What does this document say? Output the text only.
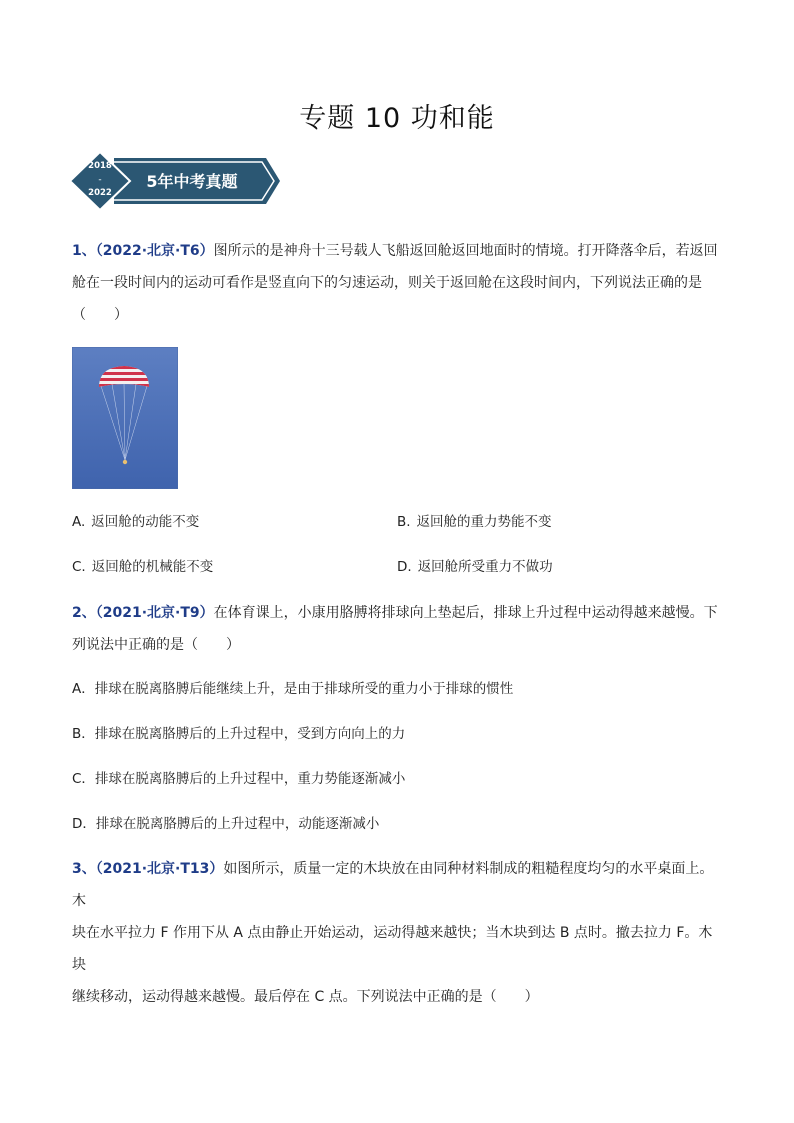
专题 10 功和能
2018
-
2022
5年中考真题
1、（2022·北京·T6）图所示的是神舟十三号载人飞船返回舱返回地面时的情境。打开降落伞后，若返回
舱在一段时间内的运动可看作是竖直向下的匀速运动，则关于返回舱在这段时间内，下列说法正确的是
（　　）
A. 返回舱的动能不变	B. 返回舱的重力势能不变
C. 返回舱的机械能不变	D. 返回舱所受重力不做功
2、（2021·北京·T9）在体育课上，小康用胳膊将排球向上垫起后，排球上升过程中运动得越来越慢。下
列说法中正确的是（　　）
A．排球在脱离胳膊后能继续上升，是由于排球所受的重力小于排球的惯性
B．排球在脱离胳膊后的上升过程中，受到方向向上的力
C．排球在脱离胳膊后的上升过程中，重力势能逐渐减小
D．排球在脱离胳膊后的上升过程中，动能逐渐减小
3、（2021·北京·T13）如图所示，质量一定的木块放在由同种材料制成的粗糙程度均匀的水平桌面上。木
块在水平拉力 F 作用下从 A 点由静止开始运动，运动得越来越快；当木块到达 B 点时。撤去拉力 F。木块
继续移动，运动得越来越慢。最后停在 C 点。下列说法中正确的是（　　）
